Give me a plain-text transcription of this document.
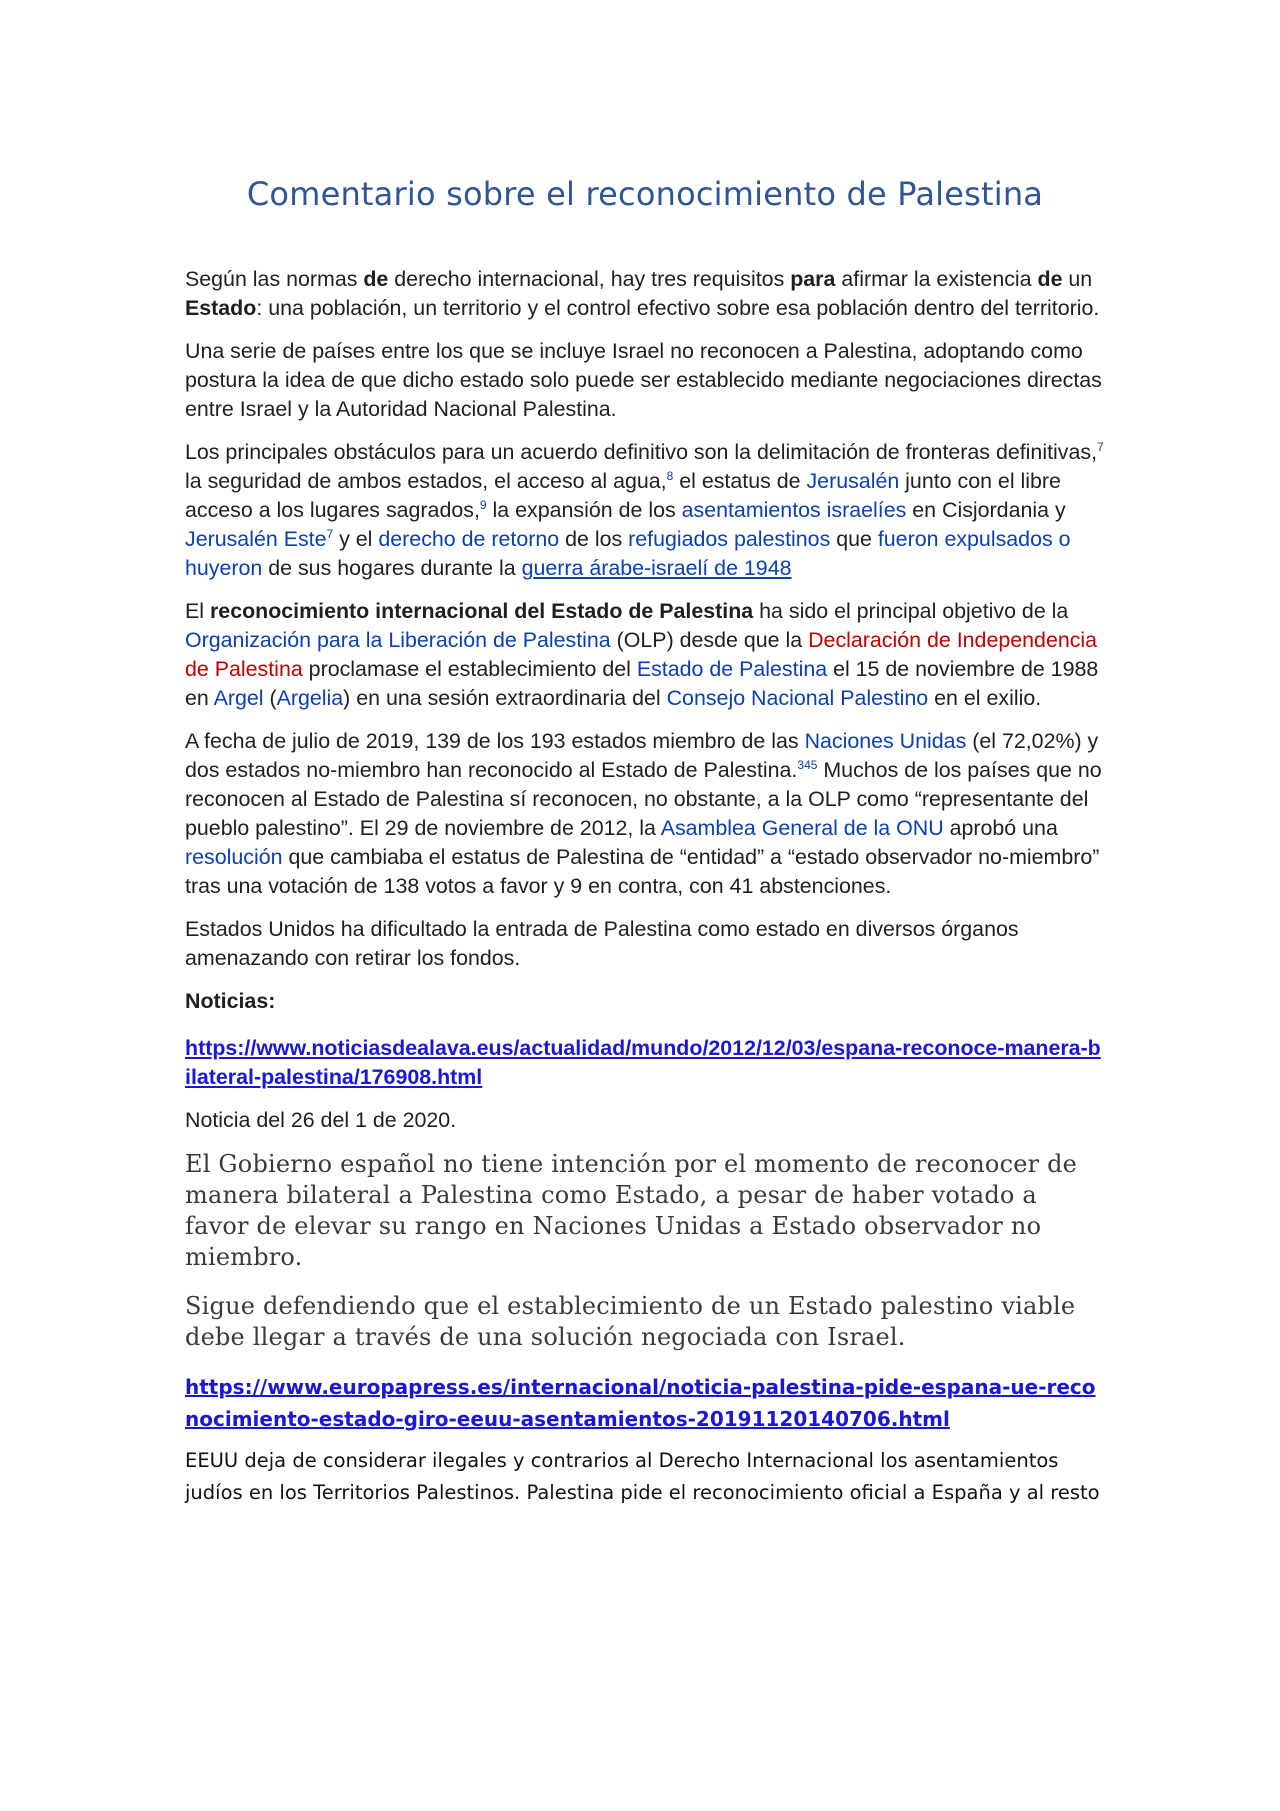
Comentario sobre el reconocimiento de Palestina

Según las normas de derecho internacional, hay tres requisitos para afirmar la existencia de un Estado: una población, un territorio y el control efectivo sobre esa población dentro del territorio.

Una serie de países entre los que se incluye Israel no reconocen a Palestina, adoptando como postura la idea de que dicho estado solo puede ser establecido mediante negociaciones directas entre Israel y la Autoridad Nacional Palestina.

Los principales obstáculos para un acuerdo definitivo son la delimitación de fronteras definitivas,$^7$ la seguridad de ambos estados, el acceso al agua,$^8$ el estatus de Jerusalén junto con el libre acceso a los lugares sagrados,$^9$ la expansión de los asentamientos israelíes en Cisjordania y Jerusalén Este$^7$ y el derecho de retorno de los refugiados palestinos que fueron expulsados o huyeron de sus hogares durante la guerra árabe-israelí de 1948

El reconocimiento internacional del Estado de Palestina ha sido el principal objetivo de la Organización para la Liberación de Palestina (OLP) desde que la Declaración de Independencia de Palestina proclamase el establecimiento del Estado de Palestina el 15 de noviembre de 1988 en Argel (Argelia) en una sesión extraordinaria del Consejo Nacional Palestino en el exilio.

A fecha de julio de 2019, 139 de los 193 estados miembro de las Naciones Unidas (el 72,02%) y dos estados no-miembro han reconocido al Estado de Palestina.$^{345}$ Muchos de los países que no reconocen al Estado de Palestina sí reconocen, no obstante, a la OLP como “representante del pueblo palestino”. El 29 de noviembre de 2012, la Asamblea General de la ONU aprobó una resolución que cambiaba el estatus de Palestina de “entidad” a “estado observador no-miembro” tras una votación de 138 votos a favor y 9 en contra, con 41 abstenciones.

Estados Unidos ha dificultado la entrada de Palestina como estado en diversos órganos amenazando con retirar los fondos.

Noticias:

https://www.noticiasdealava.eus/actualidad/mundo/2012/12/03/espana-reconoce-manera-bilateral-palestina/176908.html

Noticia del 26 del 1 de 2020.

El Gobierno español no tiene intención por el momento de reconocer de manera bilateral a Palestina como Estado, a pesar de haber votado a favor de elevar su rango en Naciones Unidas a Estado observador no miembro.

Sigue defendiendo que el establecimiento de un Estado palestino viable debe llegar a través de una solución negociada con Israel.

https://www.europapress.es/internacional/noticia-palestina-pide-espana-ue-reconocimiento-estado-giro-eeuu-asentamientos-20191120140706.html

EEUU deja de considerar ilegales y contrarios al Derecho Internacional los asentamientos judíos en los Territorios Palestinos. Palestina pide el reconocimiento oficial a España y al resto
